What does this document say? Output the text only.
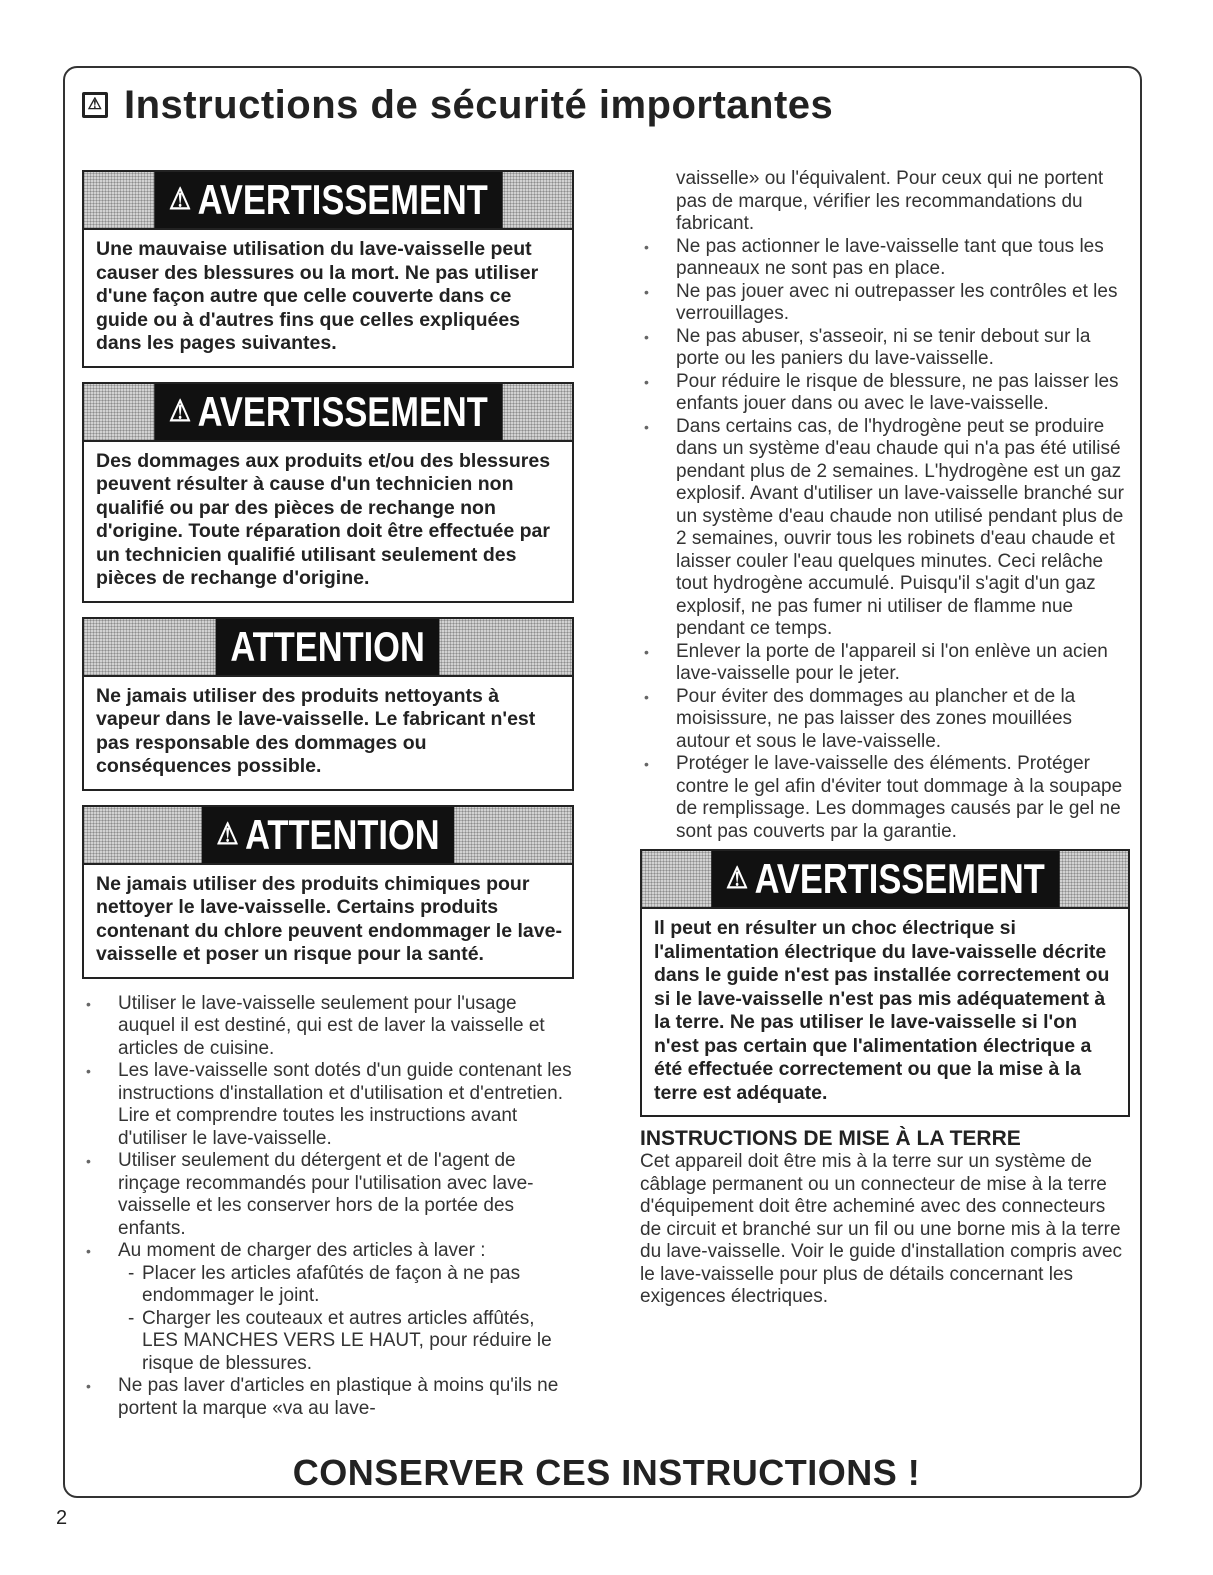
⚠ Instructions de sécurité importantes
⚠ AVERTISSEMENT
Une mauvaise utilisation du lave-vaisselle peut causer des blessures ou la mort. Ne pas utiliser d'une façon autre que celle couverte dans ce guide ou à d'autres fins que celles expliquées dans les pages suivantes.
⚠ AVERTISSEMENT
Des dommages aux produits et/ou des blessures peuvent résulter à cause d'un technicien non qualifié ou par des pièces de rechange non d'origine. Toute réparation doit être effectuée par un technicien qualifié utilisant seulement des pièces de rechange d'origine.
ATTENTION
Ne jamais utiliser des produits nettoyants à vapeur dans le lave-vaisselle. Le fabricant n'est pas responsable des dommages ou conséquences possible.
⚠ ATTENTION
Ne jamais utiliser des produits chimiques pour nettoyer le lave-vaisselle. Certains produits contenant du chlore peuvent endommager le lave-vaisselle et poser un risque pour la santé.
• Utiliser le lave-vaisselle seulement pour l'usage auquel il est destiné, qui est de laver la vaisselle et articles de cuisine.
• Les lave-vaisselle sont dotés d'un guide contenant les instructions d'installation et d'utilisation et d'entretien. Lire et comprendre toutes les instructions avant d'utiliser le lave-vaisselle.
• Utiliser seulement du détergent et de l'agent de rinçage recommandés pour l'utilisation avec lave-vaisselle et les conserver hors de la portée des enfants.
• Au moment de charger des articles à laver :
- Placer les articles afafûtés de façon à ne pas endommager le joint.
- Charger les couteaux et autres articles affûtés, LES MANCHES VERS LE HAUT, pour réduire le risque de blessures.
• Ne pas laver d'articles en plastique à moins qu'ils ne portent la marque «va au lave-
vaisselle» ou l'équivalent. Pour ceux qui ne portent pas de marque, vérifier les recommandations du fabricant.
• Ne pas actionner le lave-vaisselle tant que tous les panneaux ne sont pas en place.
• Ne pas jouer avec ni outrepasser les contrôles et les verrouillages.
• Ne pas abuser, s'asseoir, ni se tenir debout sur la porte ou les paniers du lave-vaisselle.
• Pour réduire le risque de blessure, ne pas laisser les enfants jouer dans ou avec le lave-vaisselle.
• Dans certains cas, de l'hydrogène peut se produire dans un système d'eau chaude qui n'a pas été utilisé pendant plus de 2 semaines. L'hydrogène est un gaz explosif. Avant d'utiliser un lave-vaisselle branché sur un système d'eau chaude non utilisé pendant plus de 2 semaines, ouvrir tous les robinets d'eau chaude et laisser couler l'eau quelques minutes. Ceci relâche tout hydrogène accumulé. Puisqu'il s'agit d'un gaz explosif, ne pas fumer ni utiliser de flamme nue pendant ce temps.
• Enlever la porte de l'appareil si l'on enlève un acien lave-vaisselle pour le jeter.
• Pour éviter des dommages au plancher et de la moisissure, ne pas laisser des zones mouillées autour et sous le lave-vaisselle.
• Protéger le lave-vaisselle des éléments. Protéger contre le gel afin d'éviter tout dommage à la soupape de remplissage. Les dommages causés par le gel ne sont pas couverts par la garantie.
⚠ AVERTISSEMENT
Il peut en résulter un choc électrique si l'alimentation électrique du lave-vaisselle décrite dans le guide n'est pas installée correctement ou si le lave-vaisselle n'est pas mis adéquatement à la terre. Ne pas utiliser le lave-vaisselle si l'on n'est pas certain que l'alimentation électrique a été effectuée correctement ou que la mise à la terre est adéquate.
INSTRUCTIONS DE MISE À LA TERRE
Cet appareil doit être mis à la terre sur un système de câblage permanent ou un connecteur de mise à la terre d'équipement doit être acheminé avec des connecteurs de circuit et branché sur un fil ou une borne mis à la terre du lave-vaisselle. Voir le guide d'installation compris avec le lave-vaisselle pour plus de détails concernant les exigences électriques.
CONSERVER CES INSTRUCTIONS !
2
